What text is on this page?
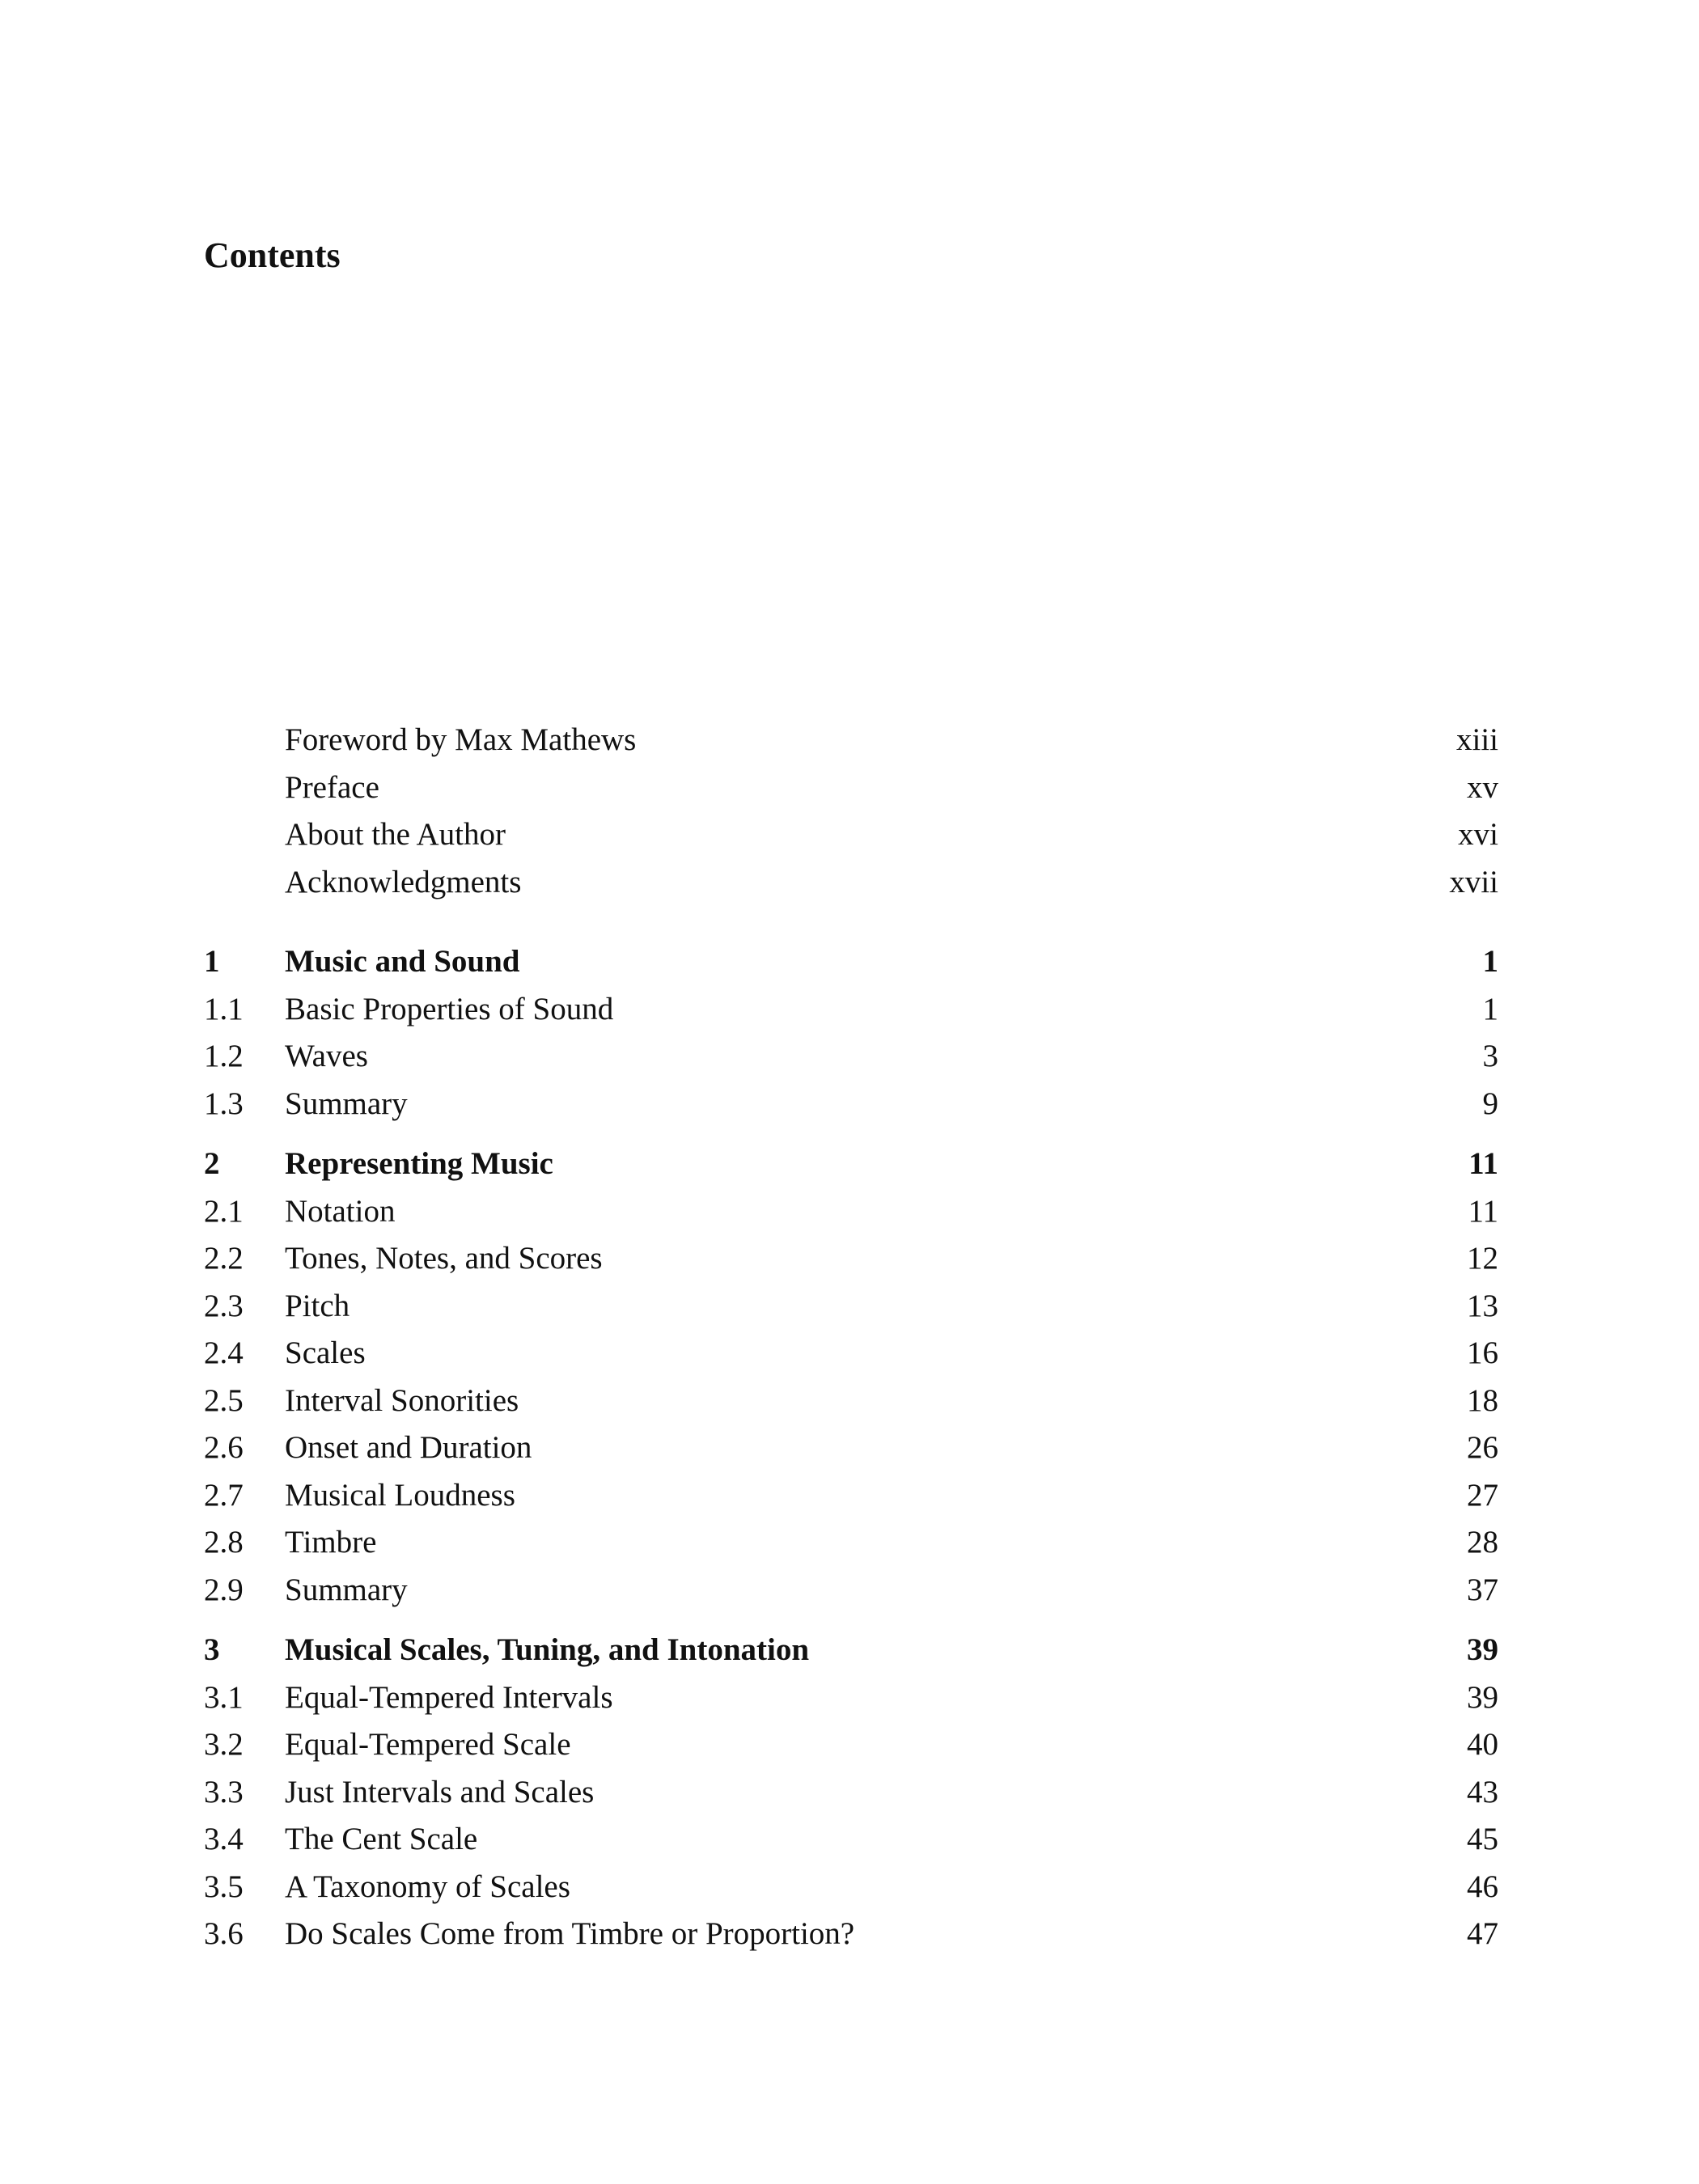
Contents
Foreword by Max Mathews	xiii
Preface	xv
About the Author	xvi
Acknowledgments	xvii
1 Music and Sound	1
1.1 Basic Properties of Sound	1
1.2 Waves	3
1.3 Summary	9
2 Representing Music	11
2.1 Notation	11
2.2 Tones, Notes, and Scores	12
2.3 Pitch	13
2.4 Scales	16
2.5 Interval Sonorities	18
2.6 Onset and Duration	26
2.7 Musical Loudness	27
2.8 Timbre	28
2.9 Summary	37
3 Musical Scales, Tuning, and Intonation	39
3.1 Equal-Tempered Intervals	39
3.2 Equal-Tempered Scale	40
3.3 Just Intervals and Scales	43
3.4 The Cent Scale	45
3.5 A Taxonomy of Scales	46
3.6 Do Scales Come from Timbre or Proportion?	47
